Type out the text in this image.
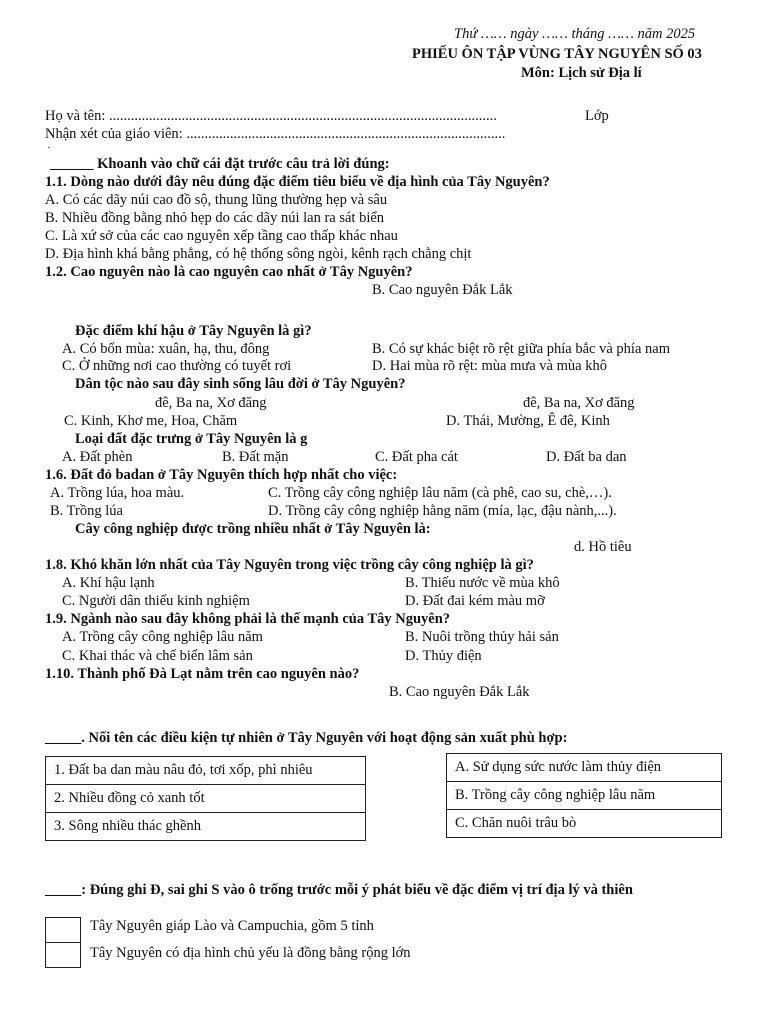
Thứ …… ngày …… tháng …… năm 2025
PHIẾU ÔN TẬP VÙNG TÂY NGUYÊN SỐ 03
Môn: Lịch sử Địa lí
Họ và tên: ...........................................................................................................	Lớp
Nhận xét của giáo viên: ........................................................................................
·
______ Khoanh vào chữ cái đặt trước câu trả lời đúng:
1.1. Dòng nào dưới đây nêu đúng đặc điểm tiêu biểu về địa hình của Tây Nguyên?
A. Có các dãy núi cao đồ sộ, thung lũng thường hẹp và sâu
B. Nhiều đồng bằng nhỏ hẹp do các dãy núi lan ra sát biển
C. Là xứ sở của các cao nguyên xếp tầng cao thấp khác nhau
D. Địa hình khá bằng phẳng, có hệ thống sông ngòi, kênh rạch chằng chịt
1.2. Cao nguyên nào là cao nguyên cao nhất ở Tây Nguyên?
B. Cao nguyên Đắk Lắk
Đặc điểm khí hậu ở Tây Nguyên là gì?
A. Có bốn mùa: xuân, hạ, thu, đông	B. Có sự khác biệt rõ rệt giữa phía bắc và phía nam
C. Ở những nơi cao thường có tuyết rơi	D. Hai mùa rõ rệt: mùa mưa và mùa khô
Dân tộc nào sau đây sinh sống lâu đời ở Tây Nguyên?
đê, Ba na, Xơ đăng	đê, Ba na, Xơ đăng
C. Kinh, Khơ me, Hoa, Chăm	D. Thái, Mường, Ê đê, Kinh
Loại đất đặc trưng ở Tây Nguyên là g
A. Đất phèn	B. Đất mặn	C. Đất pha cát	D. Đất ba dan
1.6. Đất đỏ badan ở Tây Nguyên thích hợp nhất cho việc:
A. Trồng lúa, hoa màu.	C. Trồng cây công nghiệp lâu năm (cà phê, cao su, chè,…).
B. Trồng lúa	D. Trồng cây công nghiệp hằng năm (mía, lạc, đậu nành,...).
Cây công nghiệp được trồng nhiều nhất ở Tây Nguyên là:
d. Hồ tiêu
1.8. Khó khăn lớn nhất của Tây Nguyên trong việc trồng cây công nghiệp là gì?
A. Khí hậu lạnh	B. Thiếu nước về mùa khô
C. Người dân thiếu kinh nghiệm	D. Đất đai kém màu mỡ
1.9. Ngành nào sau đây không phải là thế mạnh của Tây Nguyên?
A. Trồng cây công nghiệp lâu năm	B. Nuôi trồng thủy hải sản
C. Khai thác và chế biến lâm sản	D. Thủy điện
1.10. Thành phố Đà Lạt nằm trên cao nguyên nào?
B. Cao nguyên Đắk Lắk
_____. Nối tên các điều kiện tự nhiên ở Tây Nguyên với hoạt động sản xuất phù hợp:
1. Đất ba dan màu nâu đỏ, tơi xốp, phì nhiêu
2. Nhiều đồng cỏ xanh tốt
3. Sông nhiều thác ghềnh
A. Sử dụng sức nước làm thủy điện
B. Trồng cây công nghiệp lâu năm
C. Chăn nuôi trâu bò
_____: Đúng ghi Đ, sai ghi S vào ô trống trước mỗi ý phát biểu về đặc điểm vị trí địa lý và thiên
Tây Nguyên giáp Lào và Campuchia, gồm 5 tỉnh
Tây Nguyên có địa hình chủ yếu là đồng bằng rộng lớn
